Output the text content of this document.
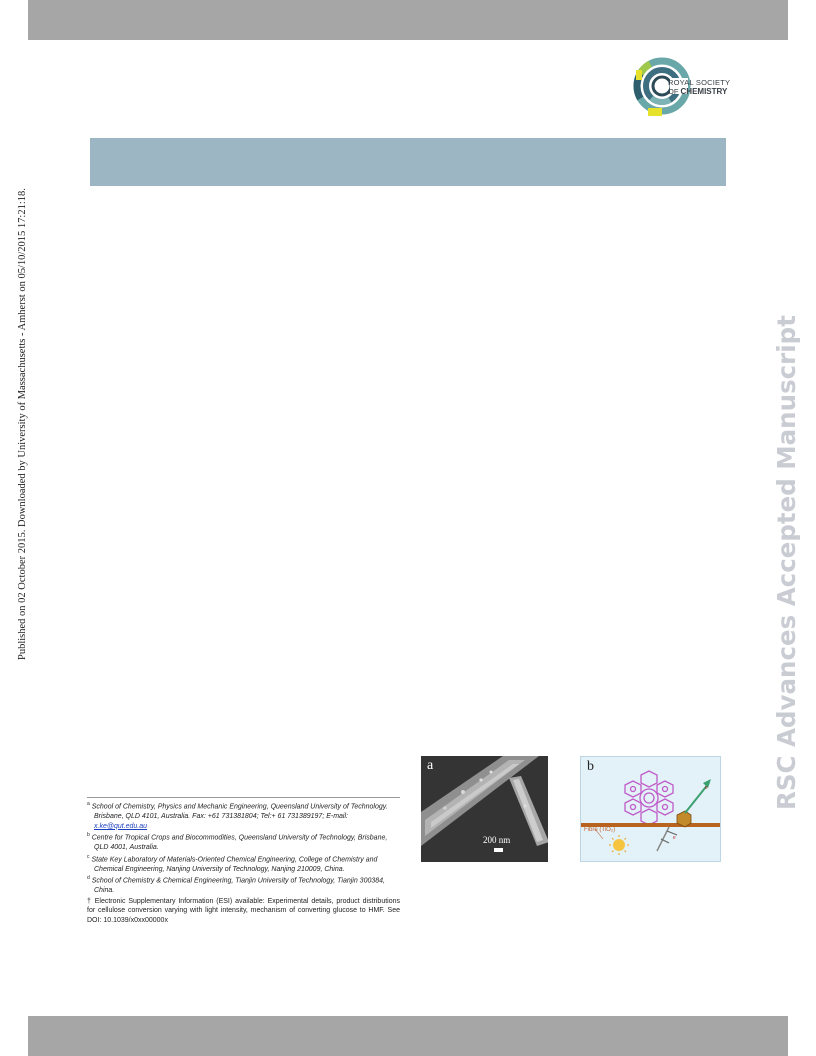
ROYAL SOCIETY
OF CHEMISTRY
Published on 02 October 2015. Downloaded by University of Massachusetts - Amherst on 05/10/2015 17:21:18.	RSC Advances Accepted Manuscript
$^a$ School of Chemistry, Physics and Mechanic Engineering, Queensland University of Technology. Brisbane, QLD 4101, Australia. Fax: +61 731381804; Tel:+ 61 731389197; E-mail: x.ke@qut.edu.au
$^b$ Centre for Tropical Crops and Biocommodities, Queensland University of Technology, Brisbane, QLD 4001, Australia.
$^c$ State Key Laboratory of Materials-Oriented Chemical Engineering, College of Chemistry and Chemical Engineering, Nanjing University of Technology, Nanjing 210009, China.
$^d$ School of Chemistry & Chemical Engineering, Tianjin University of Technology, Tianjin 300384, China.
† Electronic Supplementary Information (ESI) available: Experimental details, product distributions for cellulose conversion varying with light intensity, mechanism of converting glucose to HMF. See DOI: 10.1039/x0xx00000x
a
200 nm
b
Fibre (TiO₂)
e
e
